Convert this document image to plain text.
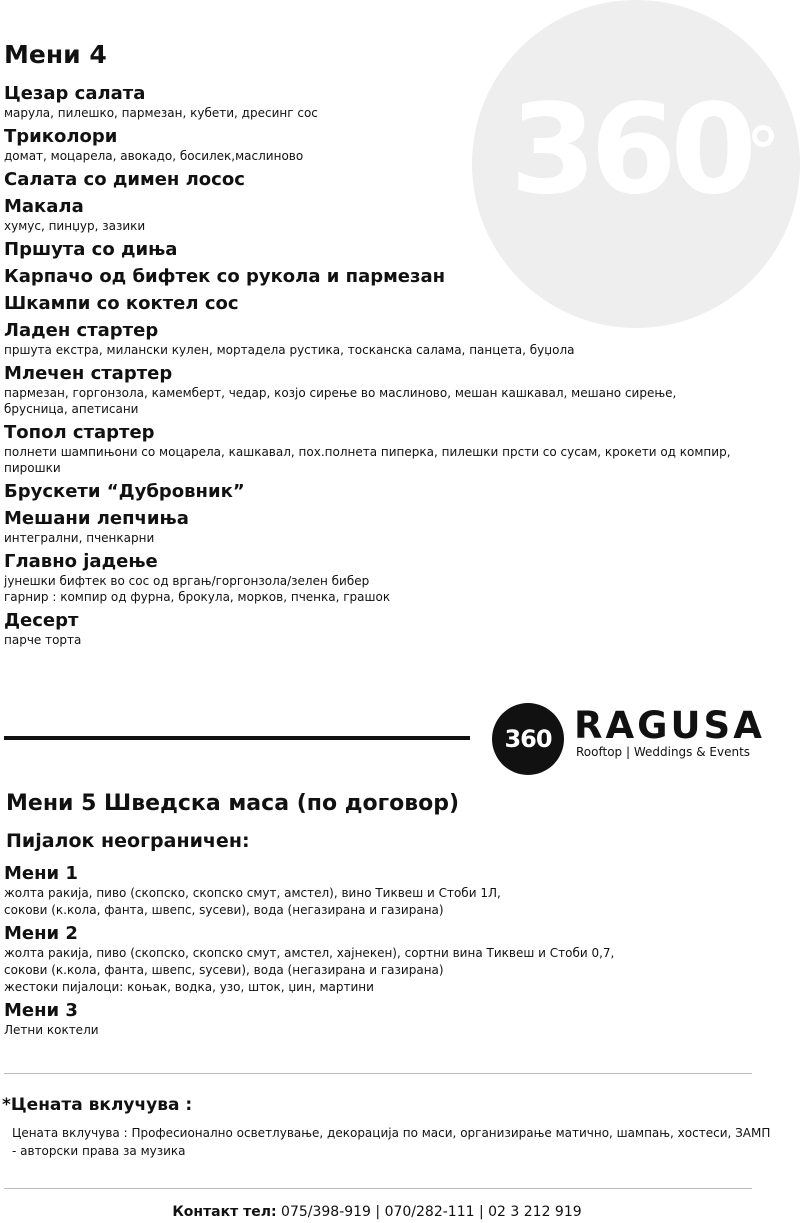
360
Мени 4
Цезар салата
марула, пилешко, пармезан, кубети, дресинг сос
Триколори
домат, моцарела, авокадо, босилек,маслиново
Салата со димен лосос
Макала
хумус, пинџур, зазики
Пршута со диња
Карпачо од бифтек со рукола и пармезан
Шкампи со коктел сос
Ладен стартер
пршута екстра, милански кулен, мортадела рустика, тосканска салама, панцета, буџола
Млечен стартер
пармезан, горгонзола, камемберт, чедар, козјо сирење во маслиново, мешан кашкавал, мешано сирење,
брусница, апетисани
Топол стартер
полнети шампињони со моцарела, кашкавал, пох.полнета пиперка, пилешки прсти со сусам, крокети од компир,
пирошки
Брускети “Дубровник”
Мешани лепчиња
интегрални, пченкарни
Главно јадење
јунешки бифтек во сос од вргањ/горгонзола/зелен бибер
гарнир : компир од фурна, брокула, морков, пченка, грашок
Десерт
парче торта
360 RAGUSA
Rooftop | Weddings & Events
Мени 5 Шведска маса (по договор)
Пијалок неограничен:
Мени 1
жолта ракија, пиво (скопско, скопско смут, амстел), вино Тиквеш и Стоби 1Л,
сокови (к.кола, фанта, швепс, ѕусеви), вода (негазирана и газирана)
Мени 2
жолта ракија, пиво (скопско, скопско смут, амстел, хајнекен), сортни вина Тиквеш и Стоби 0,7,
сокови (к.кола, фанта, швепс, ѕусеви), вода (негазирана и газирана)
жестоки пијалоци: коњак, водка, узо, шток, џин, мартини
Мени 3
Летни коктели
*Цената вклучува :
Цената вклучува : Професионално осветлување, декорација по маси, организирање матично, шампањ, хостеси, ЗАМП - авторски права за музика
Контакт тел: 075/398-919 | 070/282-111 | 02 3 212 919
